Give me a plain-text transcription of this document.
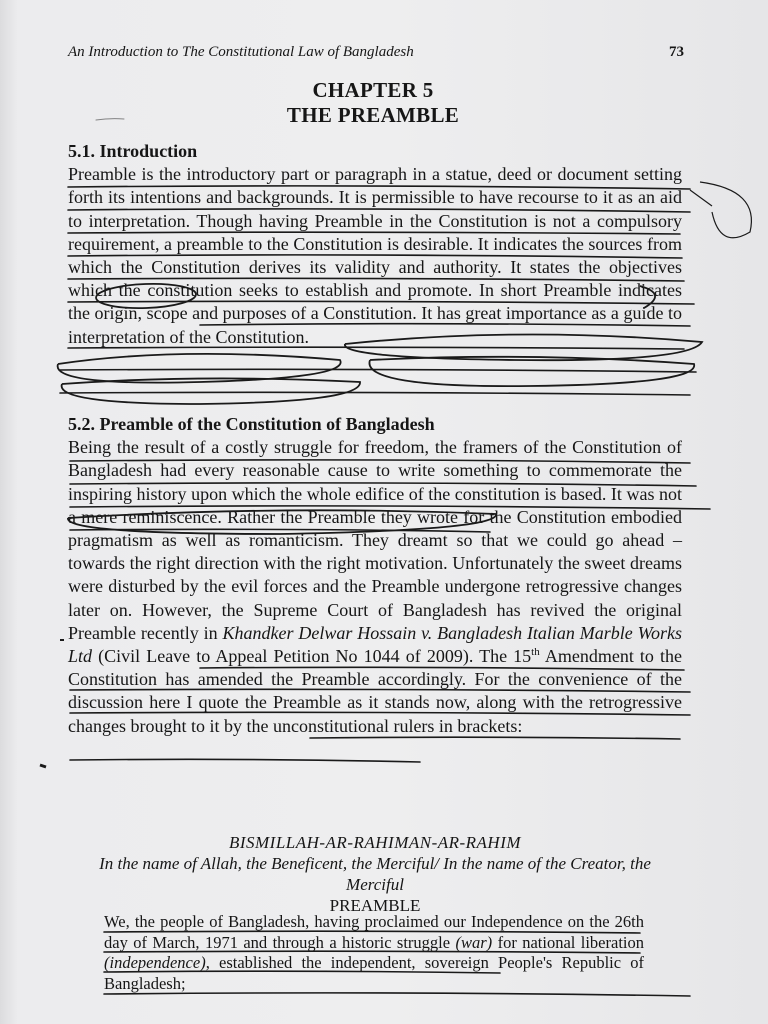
An Introduction to The Constitutional Law of Bangladesh	73
CHAPTER 5
THE PREAMBLE

5.1. Introduction

Preamble is the introductory part or paragraph in a statue, deed or document setting forth its intentions and backgrounds. It is permissible to have recourse to it as an aid to interpretation. Though having Preamble in the Constitution is not a compulsory requirement, a preamble to the Constitution is desirable. It indicates the sources from which the Constitution derives its validity and authority. It states the objectives which the constitution seeks to establish and promote. In short Preamble indicates the origin, scope and purposes of a Constitution. It has great importance as a guide to interpretation of the Constitution.

5.2. Preamble of the Constitution of Bangladesh

Being the result of a costly struggle for freedom, the framers of the Constitution of Bangladesh had every reasonable cause to write something to commemorate the inspiring history upon which the whole edifice of the constitution is based. It was not a mere reminiscence. Rather the Preamble they wrote for the Constitution embodied pragmatism as well as romanticism. They dreamt so that we could go ahead – towards the right direction with the right motivation. Unfortunately the sweet dreams were disturbed by the evil forces and the Preamble undergone retrogressive changes later on. However, the Supreme Court of Bangladesh has revived the original Preamble recently in Khandker Delwar Hossain v. Bangladesh Italian Marble Works Ltd (Civil Leave to Appeal Petition No 1044 of 2009). The 15th Amendment to the Constitution has amended the Preamble accordingly. For the convenience of the discussion here I quote the Preamble as it stands now, along with the retrogressive changes brought to it by the unconstitutional rulers in brackets:

BISMILLAH-AR-RAHIMAN-AR-RAHIM
In the name of Allah, the Beneficent, the Merciful/ In the name of the Creator, the Merciful
PREAMBLE
We, the people of Bangladesh, having proclaimed our Independence on the 26th day of March, 1971 and through a historic struggle (war) for national liberation (independence), established the independent, sovereign People's Republic of Bangladesh;
